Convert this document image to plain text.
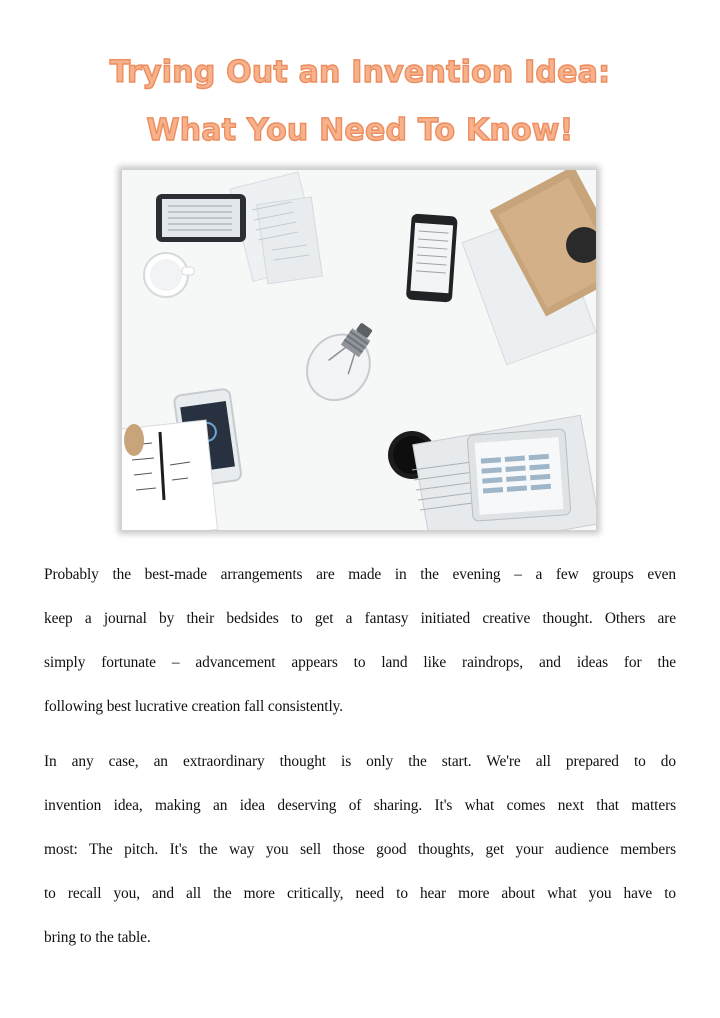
Trying Out an Invention Idea:
What You Need To Know!
Probably the best-made arrangements are made in the evening – a few groups even
keep a journal by their bedsides to get a fantasy initiated creative thought. Others are
simply fortunate – advancement appears to land like raindrops, and ideas for the
following best lucrative creation fall consistently.
In any case, an extraordinary thought is only the start. We're all prepared to do
invention idea, making an idea deserving of sharing. It's what comes next that matters
most: The pitch. It's the way you sell those good thoughts, get your audience members
to recall you, and all the more critically, need to hear more about what you have to
bring to the table.
